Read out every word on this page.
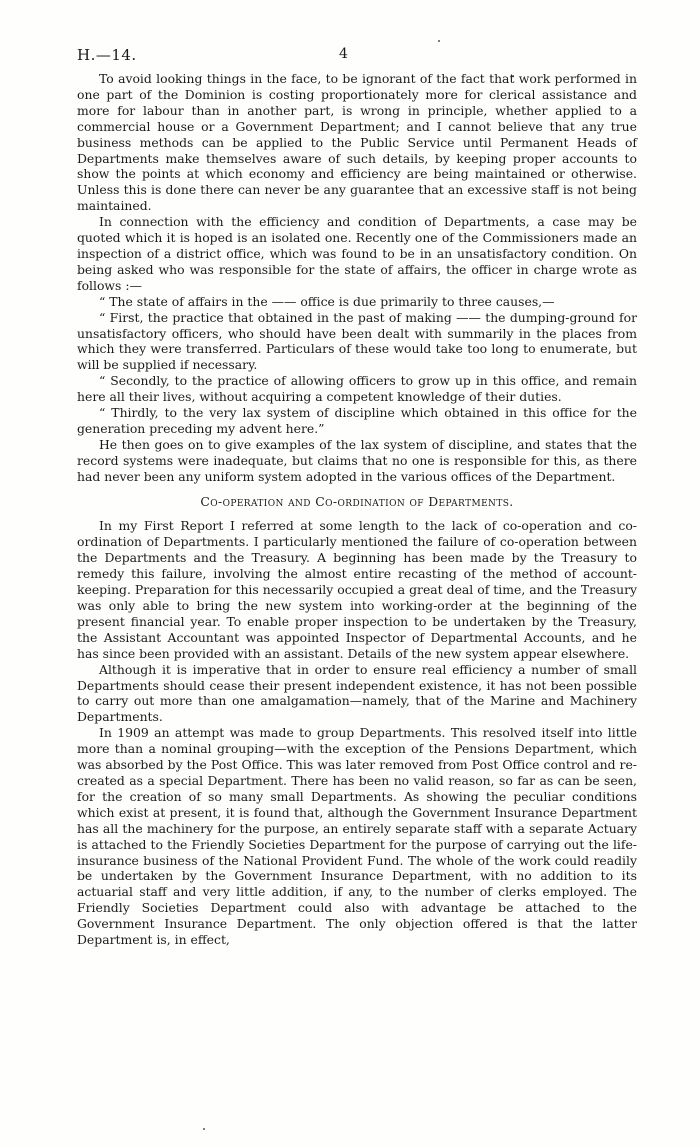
H.—14.	4

To avoid looking things in the face, to be ignorant of the fact that work performed in one part of the Dominion is costing proportionately more for clerical assistance and more for labour than in another part, is wrong in principle, whether applied to a commercial house or a Government Department; and I cannot believe that any true business methods can be applied to the Public Service until Permanent Heads of Departments make themselves aware of such details, by keeping proper accounts to show the points at which economy and efficiency are being maintained or otherwise. Unless this is done there can never be any guarantee that an excessive staff is not being maintained.

In connection with the efficiency and condition of Departments, a case may be quoted which it is hoped is an isolated one. Recently one of the Commissioners made an inspection of a district office, which was found to be in an unsatisfactory condition. On being asked who was responsible for the state of affairs, the officer in charge wrote as follows :—

“ The state of affairs in the —— office is due primarily to three causes,—

“ First, the practice that obtained in the past of making —— the dumping-ground for unsatisfactory officers, who should have been dealt with summarily in the places from which they were transferred. Particulars of these would take too long to enumerate, but will be supplied if necessary.

“ Secondly, to the practice of allowing officers to grow up in this office, and remain here all their lives, without acquiring a competent knowledge of their duties.

“ Thirdly, to the very lax system of discipline which obtained in this office for the generation preceding my advent here.”

He then goes on to give examples of the lax system of discipline, and states that the record systems were inadequate, but claims that no one is responsible for this, as there had never been any uniform system adopted in the various offices of the Department.

Co-operation and Co-ordination of Departments.

In my First Report I referred at some length to the lack of co-operation and co-ordination of Departments. I particularly mentioned the failure of co-operation between the Departments and the Treasury. A beginning has been made by the Treasury to remedy this failure, involving the almost entire recasting of the method of account-keeping. Preparation for this necessarily occupied a great deal of time, and the Treasury was only able to bring the new system into working-order at the beginning of the present financial year. To enable proper inspection to be undertaken by the Treasury, the Assistant Accountant was appointed Inspector of Departmental Accounts, and he has since been provided with an assistant. Details of the new system appear elsewhere.

Although it is imperative that in order to ensure real efficiency a number of small Departments should cease their present independent existence, it has not been possible to carry out more than one amalgamation—namely, that of the Marine and Machinery Departments.

In 1909 an attempt was made to group Departments. This resolved itself into little more than a nominal grouping—with the exception of the Pensions Department, which was absorbed by the Post Office. This was later removed from Post Office control and re-created as a special Department. There has been no valid reason, so far as can be seen, for the creation of so many small Departments. As showing the peculiar conditions which exist at present, it is found that, although the Government Insurance Department has all the machinery for the purpose, an entirely separate staff with a separate Actuary is attached to the Friendly Societies Department for the purpose of carrying out the life-insurance business of the National Provident Fund. The whole of the work could readily be undertaken by the Government Insurance Department, with no addition to its actuarial staff and very little addition, if any, to the number of clerks employed. The Friendly Societies Department could also with advantage be attached to the Government Insurance Department. The only objection offered is that the latter Department is, in effect,
